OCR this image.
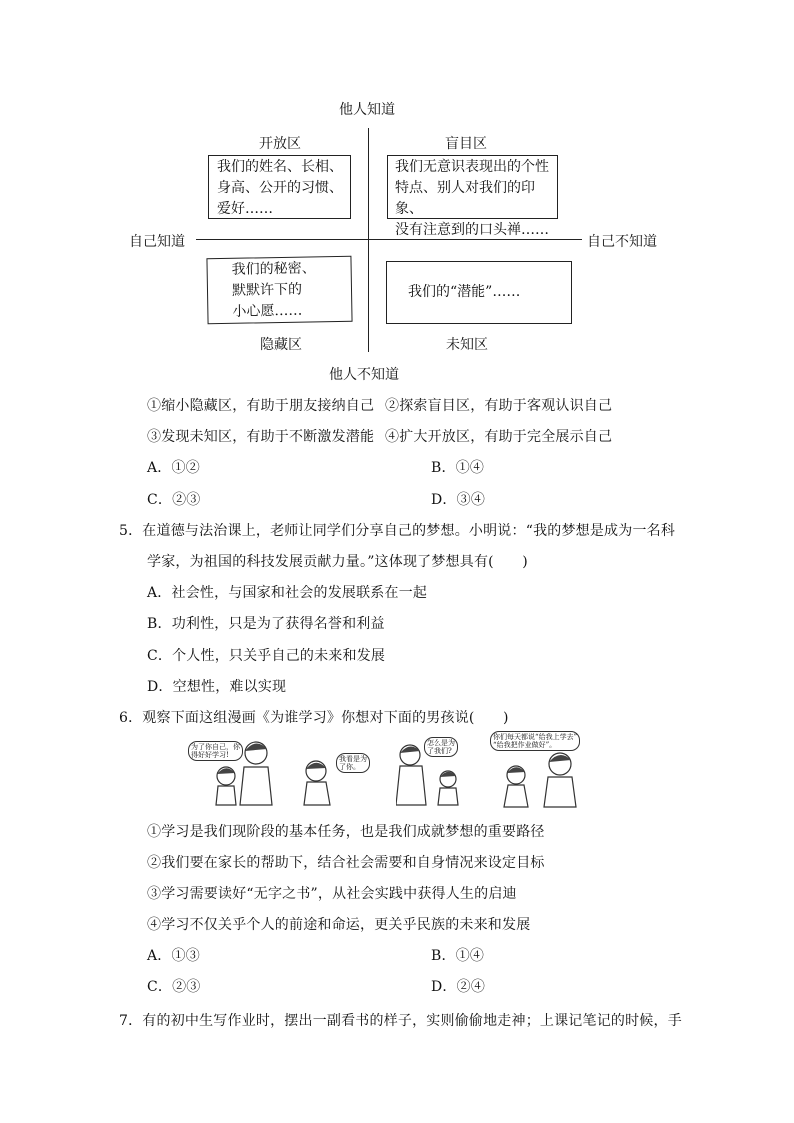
他人知道
他人不知道
自己知道	自己不知道
开放区	盲目区
隐藏区	未知区
我们的姓名、长相、
身高、公开的习惯、
爱好……
我们无意识表现出的个性
特点、别人对我们的印象、
没有注意到的口头禅……
我们的秘密、
默默许下的
小心愿……
我们的“潜能”……
①缩小隐藏区，有助于朋友接纳自己 ②探索盲目区，有助于客观认识自己
③发现未知区，有助于不断激发潜能 ④扩大开放区，有助于完全展示自己
A．①②	B．①④
C．②③	D．③④
5．在道德与法治课上，老师让同学们分享自己的梦想。小明说：“我的梦想是成为一名科
学家，为祖国的科技发展贡献力量。”这体现了梦想具有(　　)
A．社会性，与国家和社会的发展联系在一起
B．功利性，只是为了获得名誉和利益
C．个人性，只关乎自己的未来和发展
D．空想性，难以实现
6．观察下面这组漫画《为谁学习》你想对下面的男孩说(　　)
为了你自己，你
得好好学习!	我看是为
了你。
怎么是为
了我们?
你们每天都说“给我上学去”
“给我把作业做好”。
①学习是我们现阶段的基本任务，也是我们成就梦想的重要路径
②我们要在家长的帮助下，结合社会需要和自身情况来设定目标
③学习需要读好“无字之书”，从社会实践中获得人生的启迪
④学习不仅关乎个人的前途和命运，更关乎民族的未来和发展
A．①③	B．①④
C．②③	D．②④
7．有的初中生写作业时，摆出一副看书的样子，实则偷偷地走神；上课记笔记的时候，手
